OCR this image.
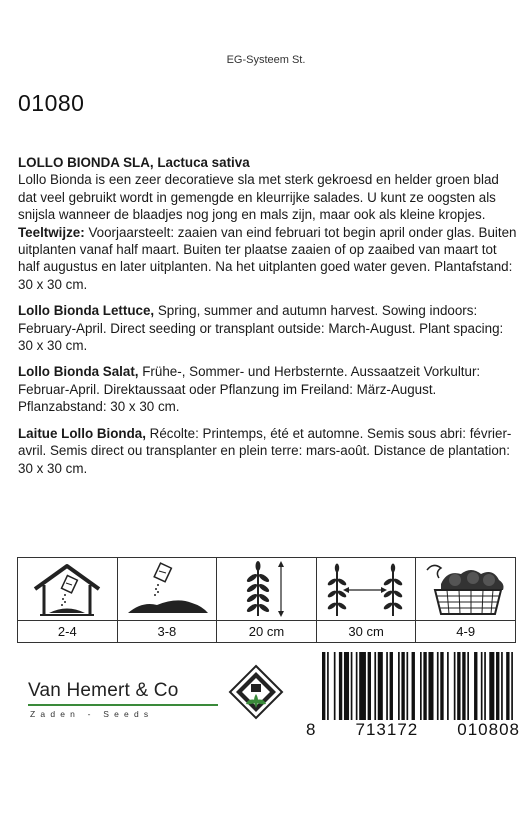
EG-Systeem St.
01080

LOLLO BIONDA SLA, Lactuca sativa
Lollo Bionda is een zeer decoratieve sla met sterk gekroesd en helder groen blad dat veel gebruikt wordt in gemengde en kleurrijke salades. U kunt ze oogsten als snijsla wanneer de blaadjes nog jong en mals zijn, maar ook als kleine kropjes. Teeltwijze: Voorjaarsteelt: zaaien van eind februari tot begin april onder glas. Buiten uitplanten vanaf half maart. Buiten ter plaatse zaaien of op zaaibed van maart tot half augustus en later uitplanten. Na het uitplanten goed water geven. Plantafstand: 30 x 30 cm.

Lollo Bionda Lettuce, Spring, summer and autumn harvest. Sowing indoors: February-April. Direct seeding or transplant outside: March-August. Plant spacing: 30 x 30 cm.

Lollo Bionda Salat, Frühe-, Sommer- und Herbsternte. Aussaatzeit Vorkultur: Februar-April. Direktaussaat oder Pflanzung im Freiland: März-August. Pflanzabstand: 30 x 30 cm.

Laitue Lollo Bionda, Récolte: Printemps, été et automne. Semis sous abri: février-avril. Semis direct ou transplanter en plein terre: mars-août. Distance de plantation: 30 x 30 cm.

2-4	3-8	20 cm	30 cm	4-9
Van Hemert & Co
Zaden - Seeds
8 713172 010808
